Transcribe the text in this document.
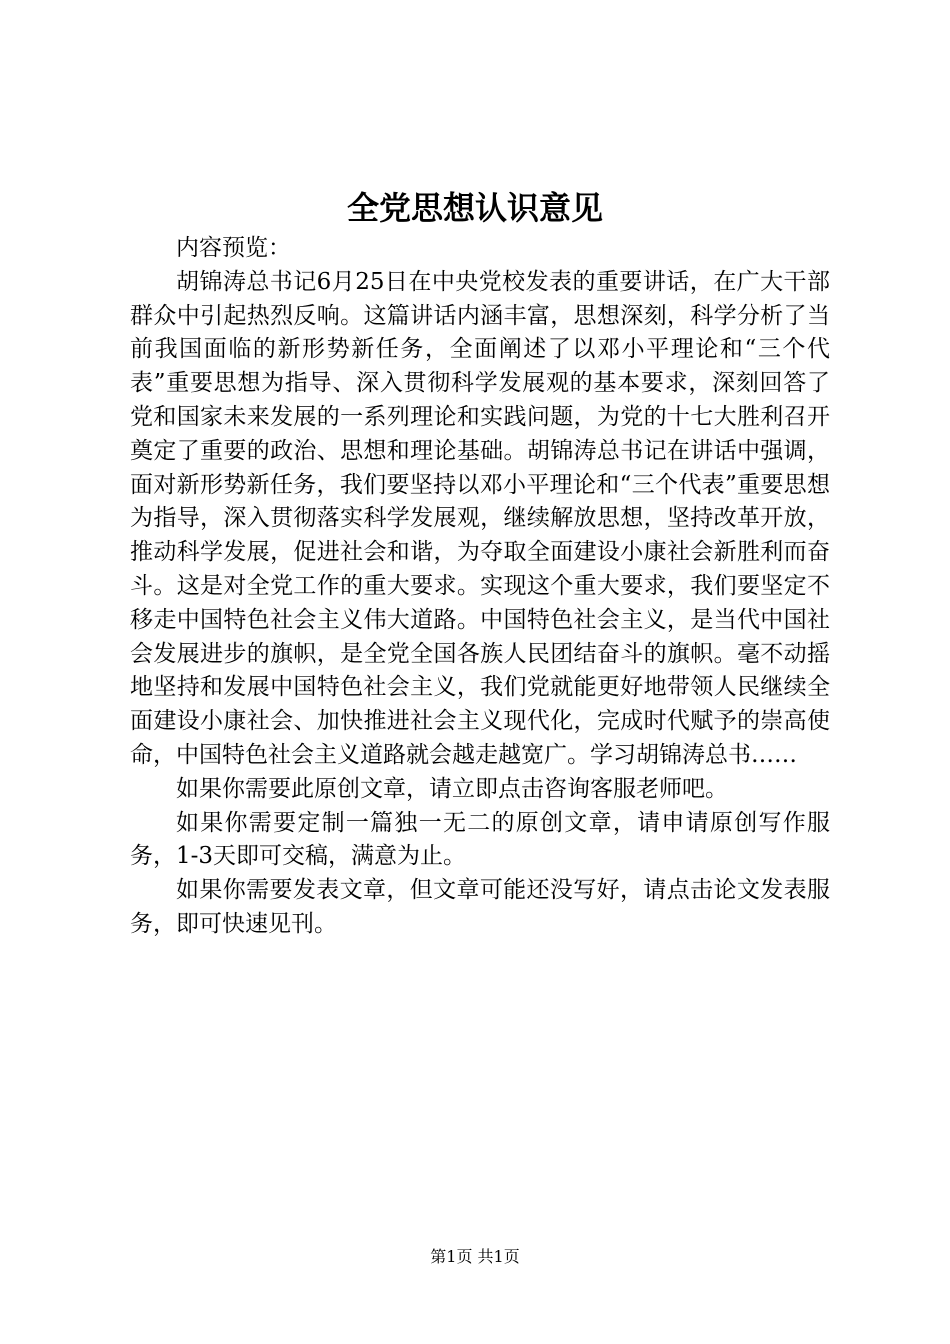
全党思想认识意见

内容预览：

胡锦涛总书记6月25日在中央党校发表的重要讲话，在广大干部群众中引起热烈反响。这篇讲话内涵丰富，思想深刻，科学分析了当前我国面临的新形势新任务，全面阐述了以邓小平理论和“三个代表”重要思想为指导、深入贯彻科学发展观的基本要求，深刻回答了党和国家未来发展的一系列理论和实践问题，为党的十七大胜利召开奠定了重要的政治、思想和理论基础。胡锦涛总书记在讲话中强调，面对新形势新任务，我们要坚持以邓小平理论和“三个代表”重要思想为指导，深入贯彻落实科学发展观，继续解放思想，坚持改革开放，推动科学发展，促进社会和谐，为夺取全面建设小康社会新胜利而奋斗。这是对全党工作的重大要求。实现这个重大要求，我们要坚定不移走中国特色社会主义伟大道路。中国特色社会主义，是当代中国社会发展进步的旗帜，是全党全国各族人民团结奋斗的旗帜。毫不动摇地坚持和发展中国特色社会主义，我们党就能更好地带领人民继续全面建设小康社会、加快推进社会主义现代化，完成时代赋予的崇高使命，中国特色社会主义道路就会越走越宽广。学习胡锦涛总书……

如果你需要此原创文章，请立即点击咨询客服老师吧。

如果你需要定制一篇独一无二的原创文章，请申请原创写作服务，1-3天即可交稿，满意为止。

如果你需要发表文章，但文章可能还没写好，请点击论文发表服务，即可快速见刊。

第1页 共1页
